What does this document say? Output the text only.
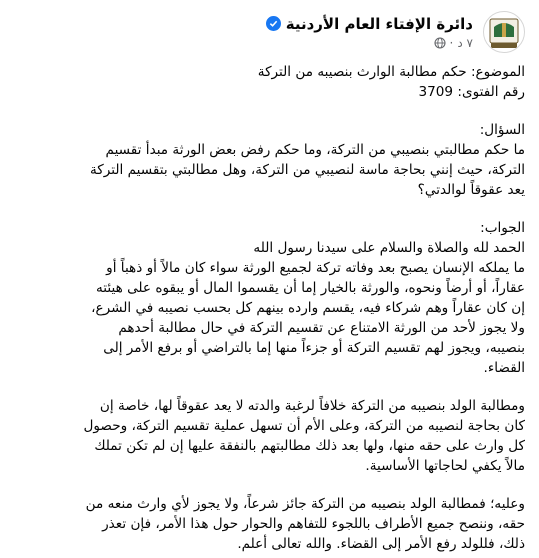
دائرة الإفتاء العام الأردنية
٧ د
·

الموضوع: حكم مطالبة الوارث بنصيبه من التركة
رقم الفتوى: 3709

السؤال:
ما حكم مطالبتي بنصيبي من التركة، وما حكم رفض بعض الورثة مبدأ تقسيم
التركة، حيث إنني بحاجة ماسة لنصيبي من التركة، وهل مطالبتي بتقسيم التركة
يعد عقوقاً لوالدتي؟

الجواب:
الحمد لله والصلاة والسلام على سيدنا رسول الله
ما يملكه الإنسان يصبح بعد وفاته تركة لجميع الورثة سواء كان مالاً أو ذهباً أو
عقاراً، أو أرضاً ونحوه، والورثة بالخيار إما أن يقسموا المال أو يبقوه على هيئته
إن كان عقاراً وهم شركاء فيه، يقسم وارده بينهم كل بحسب نصيبه في الشرع،
ولا يجوز لأحد من الورثة الامتناع عن تقسيم التركة في حال مطالبة أحدهم
بنصيبه، ويجوز لهم تقسيم التركة أو جزءاً منها إما بالتراضي أو برفع الأمر إلى
القضاء.

ومطالبة الولد بنصيبه من التركة خلافاً لرغبة والدته لا يعد عقوقاً لها، خاصة إن
كان بحاجة لنصيبه من التركة، وعلى الأم أن تسهل عملية تقسيم التركة، وحصول
كل وارث على حقه منها، ولها بعد ذلك مطالبتهم بالنفقة عليها إن لم تكن تملك
مالاً يكفي لحاجاتها الأساسية.

وعليه؛ فمطالبة الولد بنصيبه من التركة جائز شرعاً، ولا يجوز لأي وارث منعه من
حقه، وننصح جميع الأطراف باللجوء للتفاهم والحوار حول هذا الأمر، فإن تعذر
ذلك، فللولد رفع الأمر إلى القضاء. والله تعالى أعلم.
